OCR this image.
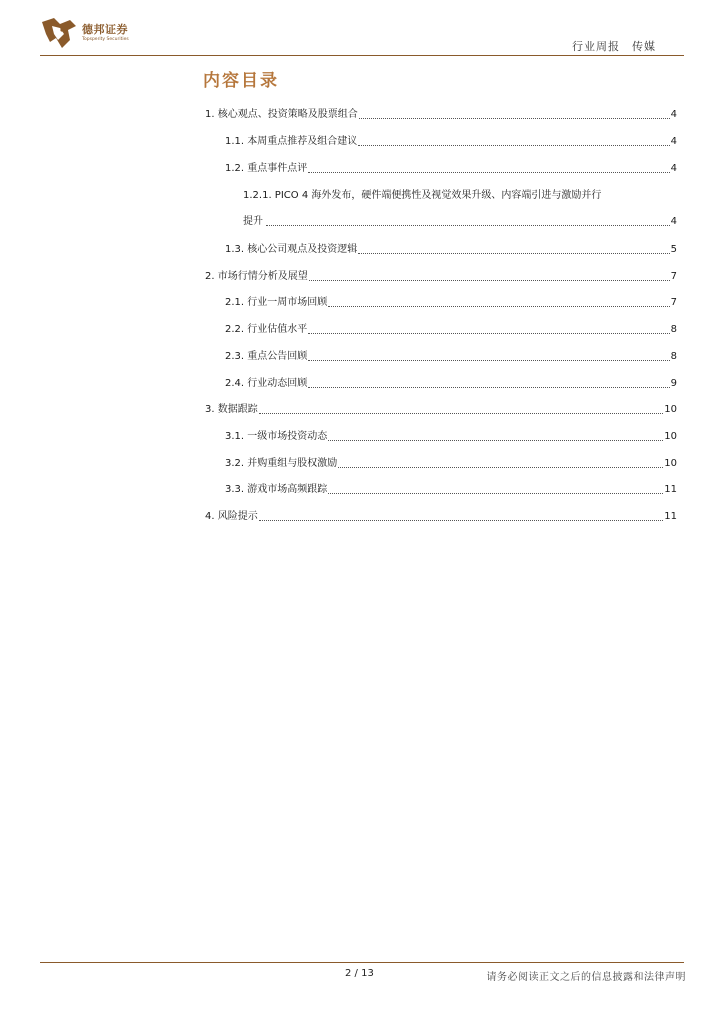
德邦证券
Topsperity Securities
行业周报 传媒
内容目录
1. 核心观点、投资策略及股票组合	4
1.1. 本周重点推荐及组合建议	4
1.2. 重点事件点评	4
1.2.1. PICO 4 海外发布，硬件端便携性及视觉效果升级、内容端引进与激励并行
提升	4
1.3. 核心公司观点及投资逻辑	5
2. 市场行情分析及展望	7
2.1. 行业一周市场回顾	7
2.2. 行业估值水平	8
2.3. 重点公告回顾	8
2.4. 行业动态回顾	9
3. 数据跟踪	10
3.1. 一级市场投资动态	10
3.2. 并购重组与股权激励	10
3.3. 游戏市场高频跟踪	11
4. 风险提示	11
2 / 13	请务必阅读正文之后的信息披露和法律声明
